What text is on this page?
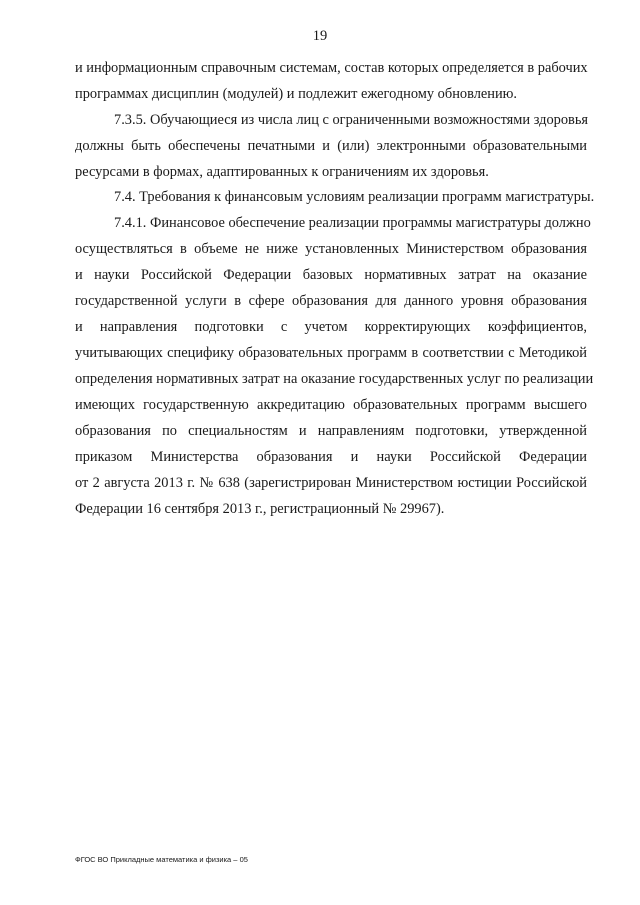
19
и информационным справочным системам, состав которых определяется в рабочих
программах дисциплин (модулей) и подлежит ежегодному обновлению.
7.3.5. Обучающиеся из числа лиц с ограниченными возможностями здоровья
должны быть обеспечены печатными и (или) электронными образовательными
ресурсами в формах, адаптированных к ограничениям их здоровья.
7.4. Требования к финансовым условиям реализации программ магистратуры.
7.4.1. Финансовое обеспечение реализации программы магистратуры должно
осуществляться в объеме не ниже установленных Министерством образования
и науки Российской Федерации базовых нормативных затрат на оказание
государственной услуги в сфере образования для данного уровня образования
и направления подготовки с учетом корректирующих коэффициентов,
учитывающих специфику образовательных программ в соответствии с Методикой
определения нормативных затрат на оказание государственных услуг по реализации
имеющих государственную аккредитацию образовательных программ высшего
образования по специальностям и направлениям подготовки, утвержденной
приказом Министерства образования и науки Российской Федерации
от 2 августа 2013 г. № 638 (зарегистрирован Министерством юстиции Российской
Федерации 16 сентября 2013 г., регистрационный № 29967).
ФГОС ВО Прикладные математика и физика – 05
